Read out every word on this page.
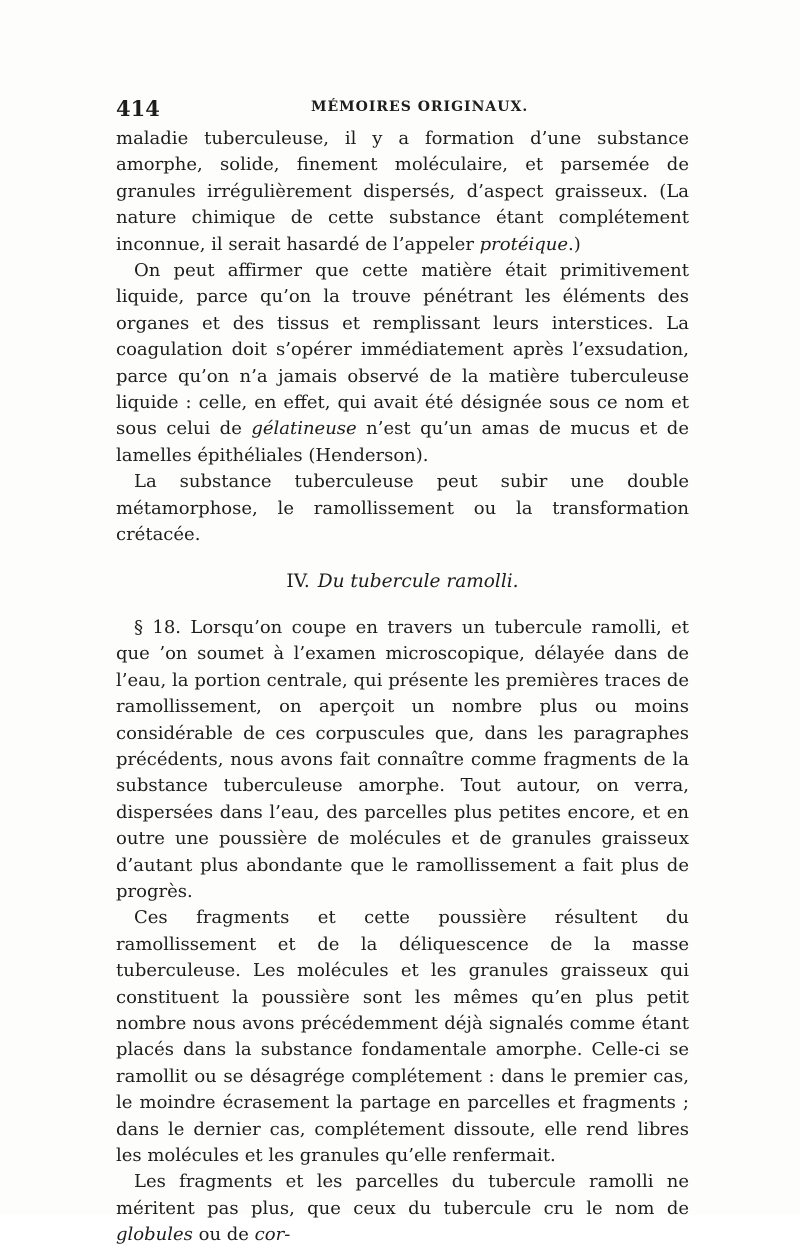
414	MÉMOIRES ORIGINAUX.

maladie tuberculeuse, il y a formation d’une substance amorphe, solide, finement moléculaire, et parsemée de granules irrégulièrement dispersés, d’aspect graisseux. (La nature chimique de cette substance étant complétement inconnue, il serait hasardé de l’appeler protéique.)

On peut affirmer que cette matière était primitivement liquide, parce qu’on la trouve pénétrant les éléments des organes et des tissus et remplissant leurs interstices. La coagulation doit s’opérer immédiatement après l’exsudation, parce qu’on n’a jamais observé de la matière tuberculeuse liquide : celle, en effet, qui avait été désignée sous ce nom et sous celui de gélatineuse n’est qu’un amas de mucus et de lamelles épithéliales (Henderson).

La substance tuberculeuse peut subir une double métamorphose, le ramollissement ou la transformation crétacée.

IV. Du tubercule ramolli.

§ 18. Lorsqu’on coupe en travers un tubercule ramolli, et que ’on soumet à l’examen microscopique, délayée dans de l’eau, la portion centrale, qui présente les premières traces de ramollissement, on aperçoit un nombre plus ou moins considérable de ces corpuscules que, dans les paragraphes précédents, nous avons fait connaître comme fragments de la substance tuberculeuse amorphe. Tout autour, on verra, dispersées dans l’eau, des parcelles plus petites encore, et en outre une poussière de molécules et de granules graisseux d’autant plus abondante que le ramollissement a fait plus de progrès.

Ces fragments et cette poussière résultent du ramollissement et de la déliquescence de la masse tuberculeuse. Les molécules et les granules graisseux qui constituent la poussière sont les mêmes qu’en plus petit nombre nous avons précédemment déjà signalés comme étant placés dans la substance fondamentale amorphe. Celle-ci se ramollit ou se désagrége complétement : dans le premier cas, le moindre écrasement la partage en parcelles et fragments ; dans le dernier cas, complétement dissoute, elle rend libres les molécules et les granules qu’elle renfermait.

Les fragments et les parcelles du tubercule ramolli ne méritent pas plus, que ceux du tubercule cru le nom de globules ou de cor-
